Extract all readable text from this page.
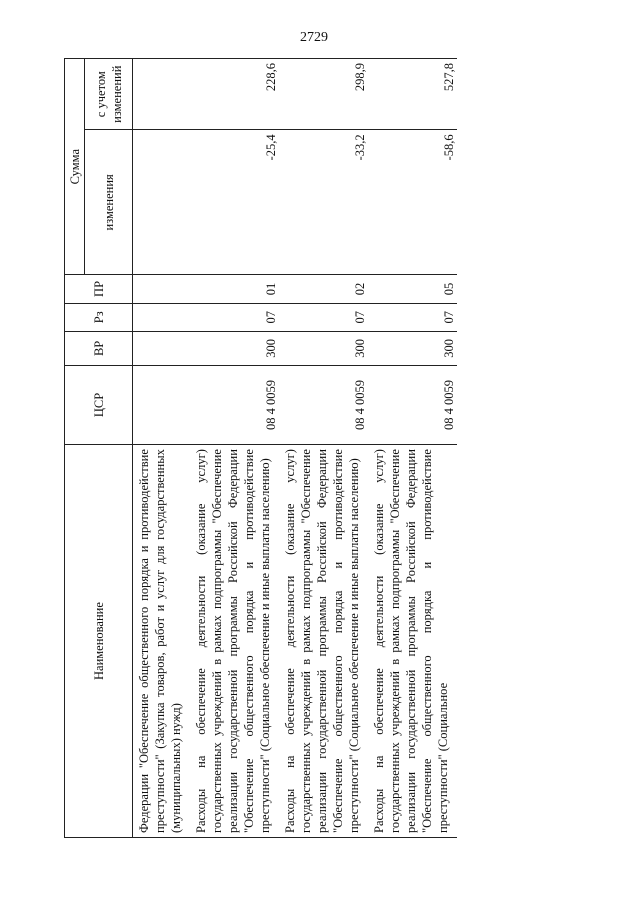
2729
Наименование	ЦСР	ВР	Рз	ПР	Сумма	
					изменения	с учетом изменений
Федерации "Обеспечение общественного порядка и противодействие преступности" (Закупка товаров, работ и услуг для государственных (муниципальных) нужд)						
Расходы на обеспечение деятельности (оказание услуг) государственных учреждений в рамках подпрограммы "Обеспечение реализации государственной программы Российской Федерации "Обеспечение общественного порядка и противодействие преступности" (Социальное обеспечение и иные выплаты населению)	08 4 0059	300	07	01	-25,4	228,6
Расходы на обеспечение деятельности (оказание услуг) государственных учреждений в рамках подпрограммы "Обеспечение реализации государственной программы Российской Федерации "Обеспечение общественного порядка и противодействие преступности" (Социальное обеспечение и иные выплаты населению)	08 4 0059	300	07	02	-33,2	298,9
Расходы на обеспечение деятельности (оказание услуг) государственных учреждений в рамках подпрограммы "Обеспечение реализации государственной программы Российской Федерации "Обеспечение общественного порядка и противодействие преступности" (Социальное	08 4 0059	300	07	05	-58,6	527,8
